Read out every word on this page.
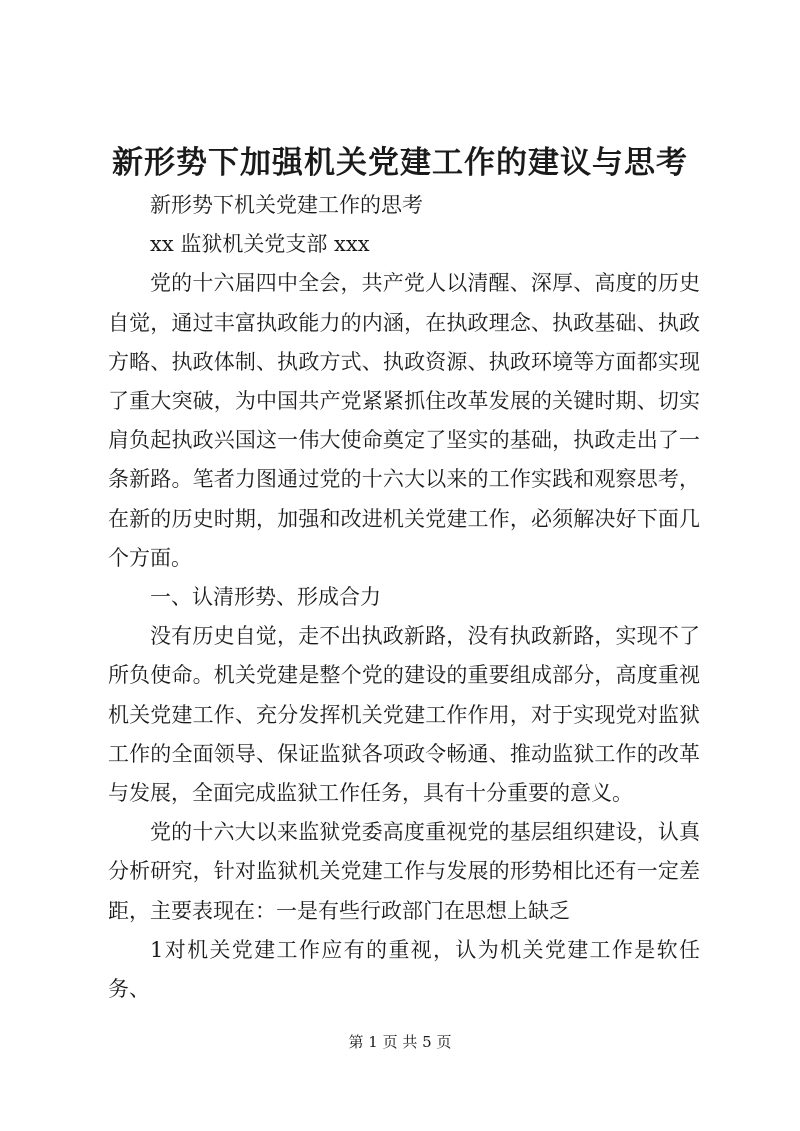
新形势下加强机关党建工作的建议与思考

新形势下机关党建工作的思考

xx 监狱机关党支部 xxx

党的十六届四中全会，共产党人以清醒、深厚、高度的历史自觉，通过丰富执政能力的内涵，在执政理念、执政基础、执政方略、执政体制、执政方式、执政资源、执政环境等方面都实现了重大突破，为中国共产党紧紧抓住改革发展的关键时期、切实肩负起执政兴国这一伟大使命奠定了坚实的基础，执政走出了一条新路。笔者力图通过党的十六大以来的工作实践和观察思考，在新的历史时期，加强和改进机关党建工作，必须解决好下面几个方面。

一、认清形势、形成合力

没有历史自觉，走不出执政新路，没有执政新路，实现不了所负使命。机关党建是整个党的建设的重要组成部分，高度重视机关党建工作、充分发挥机关党建工作作用，对于实现党对监狱工作的全面领导、保证监狱各项政令畅通、推动监狱工作的改革与发展，全面完成监狱工作任务，具有十分重要的意义。

党的十六大以来监狱党委高度重视党的基层组织建设，认真分析研究，针对监狱机关党建工作与发展的形势相比还有一定差距，主要表现在：一是有些行政部门在思想上缺乏

1对机关党建工作应有的重视，认为机关党建工作是软任务、

第 1 页 共 5 页
